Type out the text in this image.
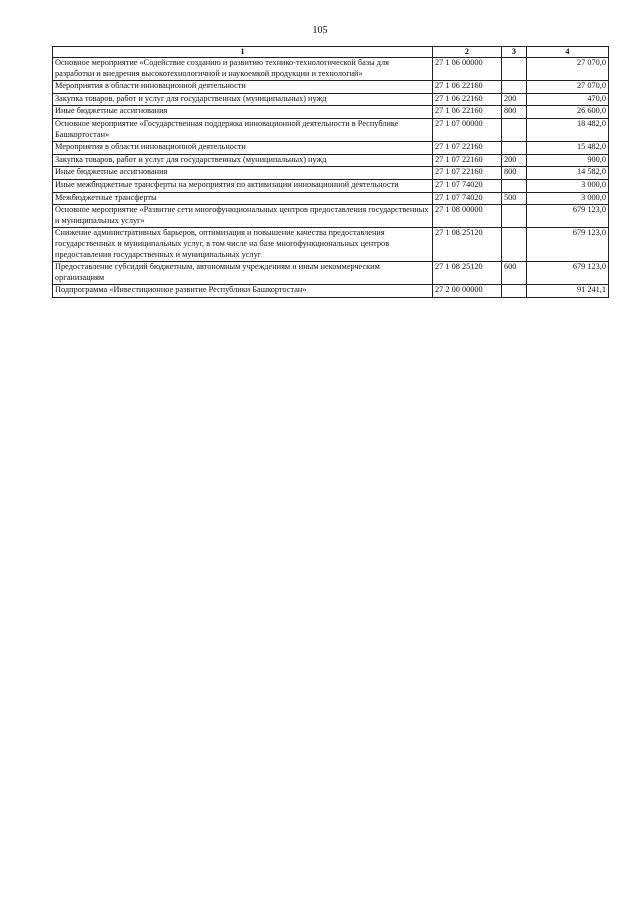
105
1	2	3	4
Основное мероприятие «Содействие созданию и развитию технико-технологической базы для разработки и внедрения высокотехнологичной и наукоемкой продукции и технологий»	27 1 06 00000		27 070,0
Мероприятия в области инновационной деятельности	27 1 06 22160		27 070,0
Закупка товаров, работ и услуг для государственных (муниципальных) нужд	27 1 06 22160	200	470,0
Иные бюджетные ассигнования	27 1 06 22160	800	26 600,0
Основное мероприятие «Государственная поддержка инновационной деятельности в Республике Башкортостан»	27 1 07 00000		18 482,0
Мероприятия в области инновационной деятельности	27 1 07 22160		15 482,0
Закупка товаров, работ и услуг для государственных (муниципальных) нужд	27 1 07 22160	200	900,0
Иные бюджетные ассигнования	27 1 07 22160	800	14 582,0
Иные межбюджетные трансферты на мероприятия по активизации инновационной деятельности	27 1 07 74020		3 000,0
Межбюджетные трансферты	27 1 07 74020	500	3 000,0
Основное мероприятие «Развитие сети многофункциональных центров предоставления государственных и муниципальных услуг»	27 1 08 00000		679 123,0
Снижение административных барьеров, оптимизация и повышение качества предоставления государственных и муниципальных услуг, в том числе на базе многофункциональных центров предоставления государственных и муниципальных услуг	27 1 08 25120		679 123,0
Предоставление субсидий бюджетным, автономным учреждениям и иным некоммерческим организациям	27 1 08 25120	600	679 123,0
Подпрограмма «Инвестиционное развитие Республики Башкортостан»	27 2 00 00000		91 241,1
